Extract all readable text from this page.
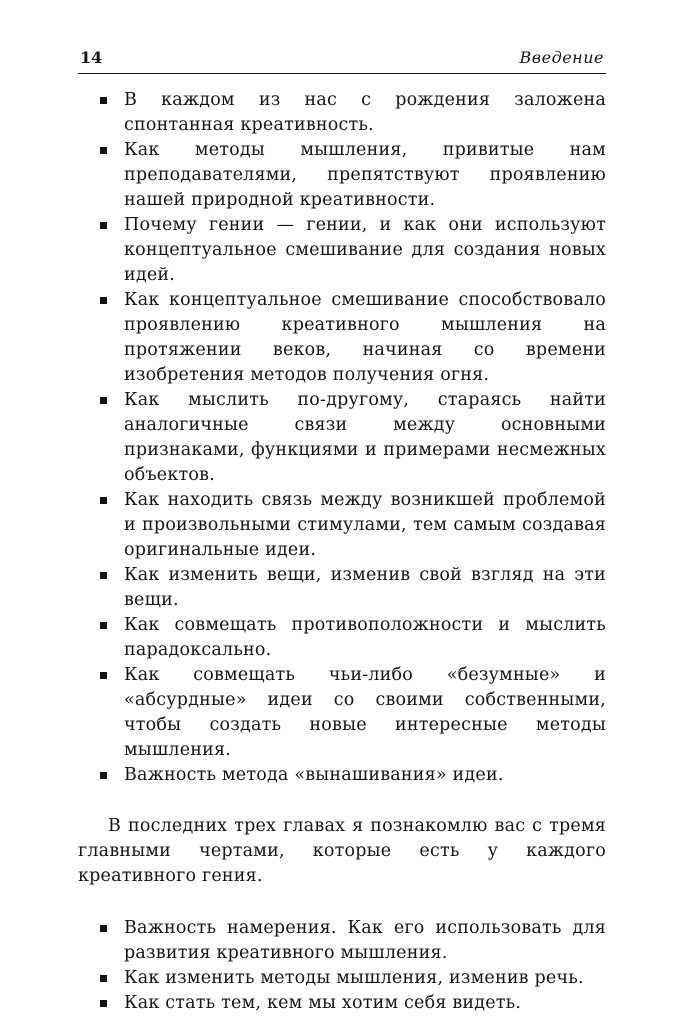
14	Введение
В каждом из нас с рождения заложена спонтанная креативность.
Как методы мышления, привитые нам преподавателями, препятствуют проявлению нашей природной креативности.
Почему гении — гении, и как они используют концептуальное смешивание для создания новых идей.
Как концептуальное смешивание способствовало проявлению креативного мышления на протяжении веков, начиная со времени изобретения методов получения огня.
Как мыслить по-другому, стараясь найти аналогичные связи между основными признаками, функциями и примерами несмежных объектов.
Как находить связь между возникшей проблемой и произвольными стимулами, тем самым создавая оригинальные идеи.
Как изменить вещи, изменив свой взгляд на эти вещи.
Как совмещать противоположности и мыслить парадоксально.
Как совмещать чьи-либо «безумные» и «абсурдные» идеи со своими собственными, чтобы создать новые интересные методы мышления.
Важность метода «вынашивания» идеи.

В последних трех главах я познакомлю вас с тремя главными чертами, которые есть у каждого креативного гения.

Важность намерения. Как его использовать для развития креативного мышления.
Как изменить методы мышления, изменив речь.
Как стать тем, кем мы хотим себя видеть.
